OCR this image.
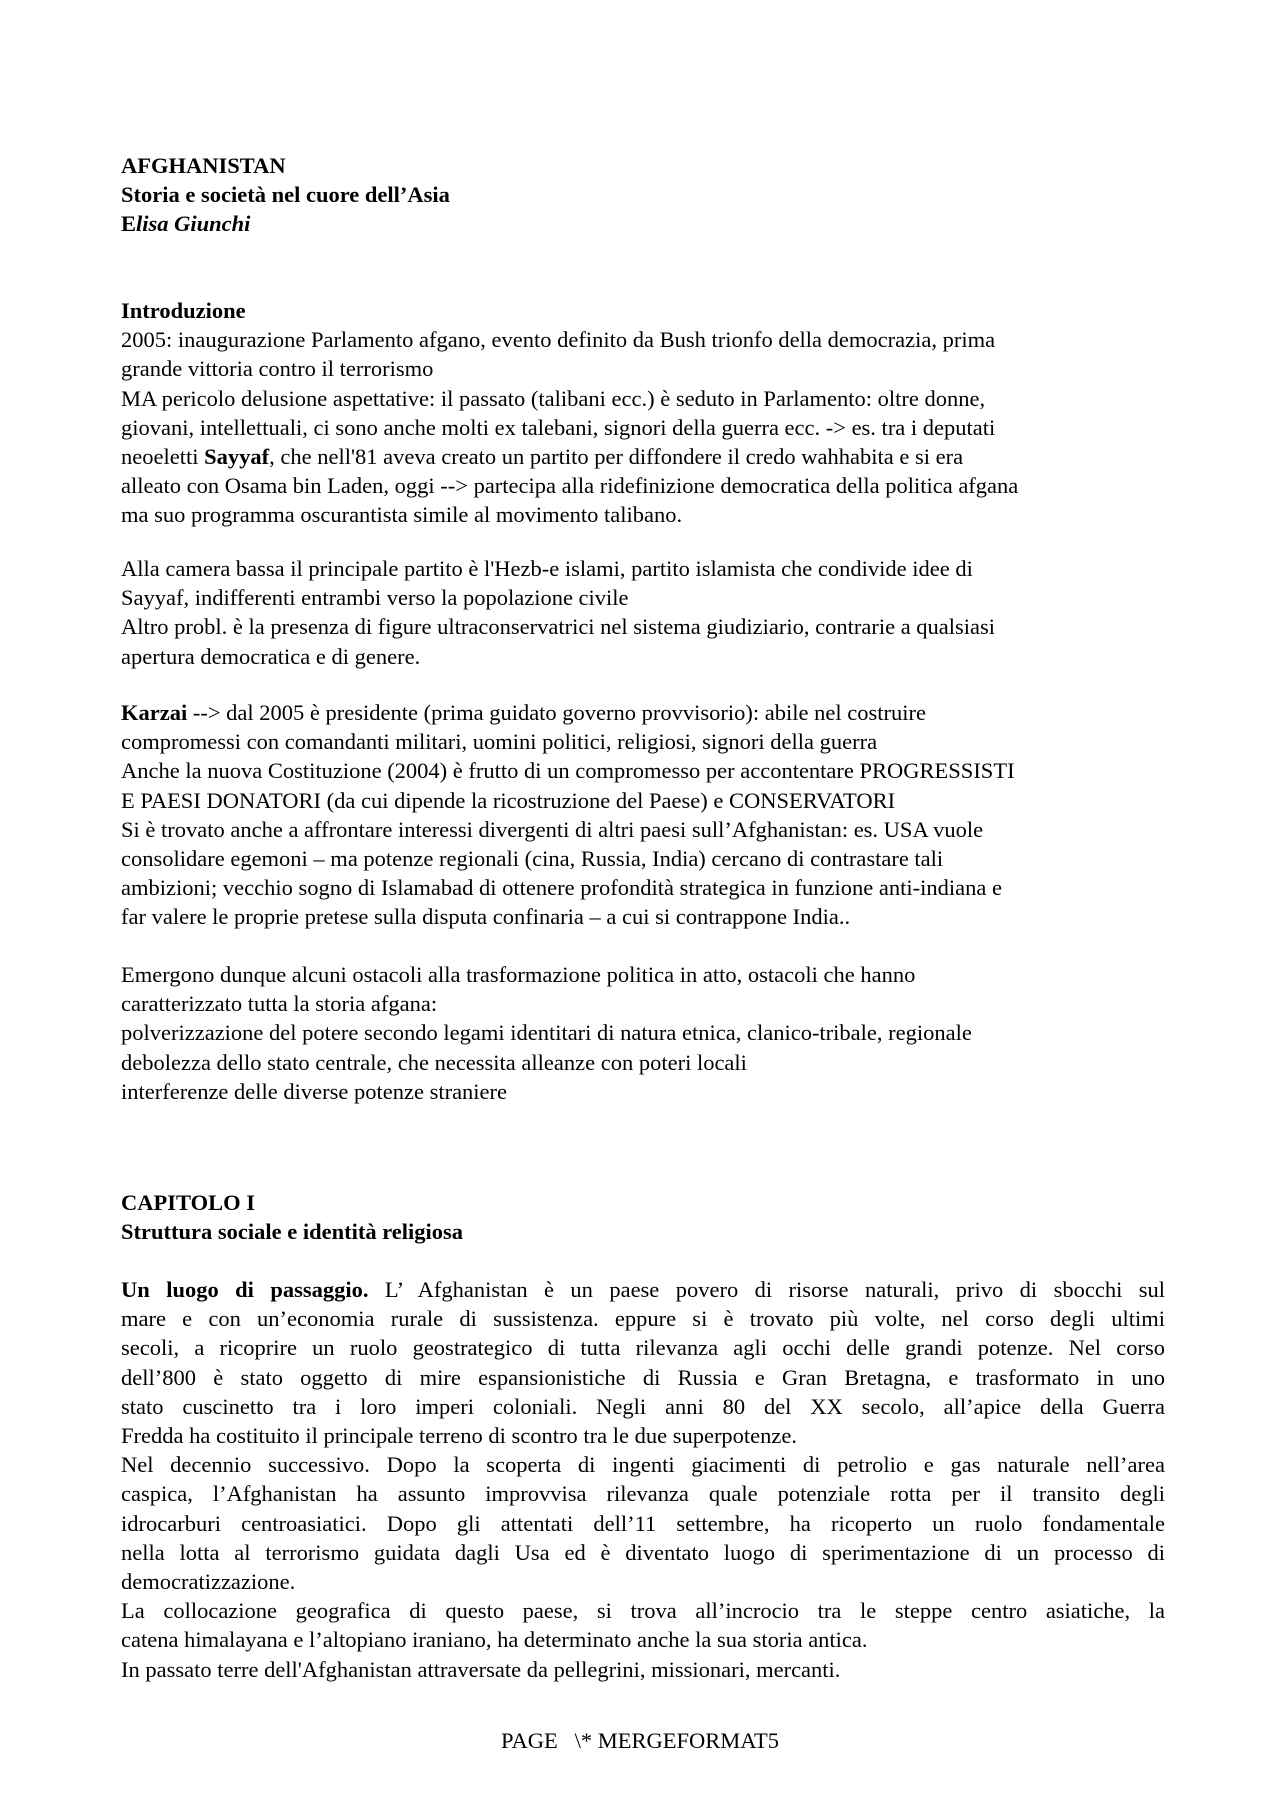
AFGHANISTAN
Storia e società nel cuore dell’Asia
Elisa Giunchi
Introduzione
2005: inaugurazione Parlamento afgano, evento definito da Bush trionfo della democrazia, prima
grande vittoria contro il terrorismo
MA pericolo delusione aspettative: il passato (talibani ecc.) è seduto in Parlamento: oltre donne,
giovani, intellettuali, ci sono anche molti ex talebani, signori della guerra ecc. -> es. tra i deputati
neoeletti Sayyaf, che nell'81 aveva creato un partito per diffondere il credo wahhabita e si era
alleato con Osama bin Laden, oggi --> partecipa alla ridefinizione democratica della politica afgana
ma suo programma oscurantista simile al movimento talibano.
Alla camera bassa il principale partito è l'Hezb-e islami, partito islamista che condivide idee di
Sayyaf, indifferenti entrambi verso la popolazione civile
Altro probl. è la presenza di figure ultraconservatrici nel sistema giudiziario, contrarie a qualsiasi
apertura democratica e di genere.
Karzai --> dal 2005 è presidente (prima guidato governo provvisorio): abile nel costruire
compromessi con comandanti militari, uomini politici, religiosi, signori della guerra
Anche la nuova Costituzione (2004) è frutto di un compromesso per accontentare PROGRESSISTI
E PAESI DONATORI (da cui dipende la ricostruzione del Paese) e CONSERVATORI
Si è trovato anche a affrontare interessi divergenti di altri paesi sull’Afghanistan: es. USA vuole
consolidare egemoni – ma potenze regionali (cina, Russia, India) cercano di contrastare tali
ambizioni; vecchio sogno di Islamabad di ottenere profondità strategica in funzione anti-indiana e
far valere le proprie pretese sulla disputa confinaria – a cui si contrappone India..
Emergono dunque alcuni ostacoli alla trasformazione politica in atto, ostacoli che hanno
caratterizzato tutta la storia afgana:
polverizzazione del potere secondo legami identitari di natura etnica, clanico-tribale, regionale
debolezza dello stato centrale, che necessita alleanze con poteri locali
interferenze delle diverse potenze straniere
CAPITOLO I
Struttura sociale e identità religiosa
Un luogo di passaggio. L’ Afghanistan è un paese povero di risorse naturali, privo di sbocchi sul
mare e con un’economia rurale di sussistenza. eppure si è trovato più volte, nel corso degli ultimi
secoli, a ricoprire un ruolo geostrategico di tutta rilevanza agli occhi delle grandi potenze. Nel corso
dell’800 è stato oggetto di mire espansionistiche di Russia e Gran Bretagna, e trasformato in uno
stato cuscinetto tra i loro imperi coloniali. Negli anni 80 del XX secolo, all’apice della Guerra
Fredda ha costituito il principale terreno di scontro tra le due superpotenze.
Nel decennio successivo. Dopo la scoperta di ingenti giacimenti di petrolio e gas naturale nell’area
caspica, l’Afghanistan ha assunto improvvisa rilevanza quale potenziale rotta per il transito degli
idrocarburi centroasiatici. Dopo gli attentati dell’11 settembre, ha ricoperto un ruolo fondamentale
nella lotta al terrorismo guidata dagli Usa ed è diventato luogo di sperimentazione di un processo di
democratizzazione.
La collocazione geografica di questo paese, si trova all’incrocio tra le steppe centro asiatiche, la
catena himalayana e l’altopiano iraniano, ha determinato anche la sua storia antica.
In passato terre dell'Afghanistan attraversate da pellegrini, missionari, mercanti.
PAGE   \* MERGEFORMAT5
